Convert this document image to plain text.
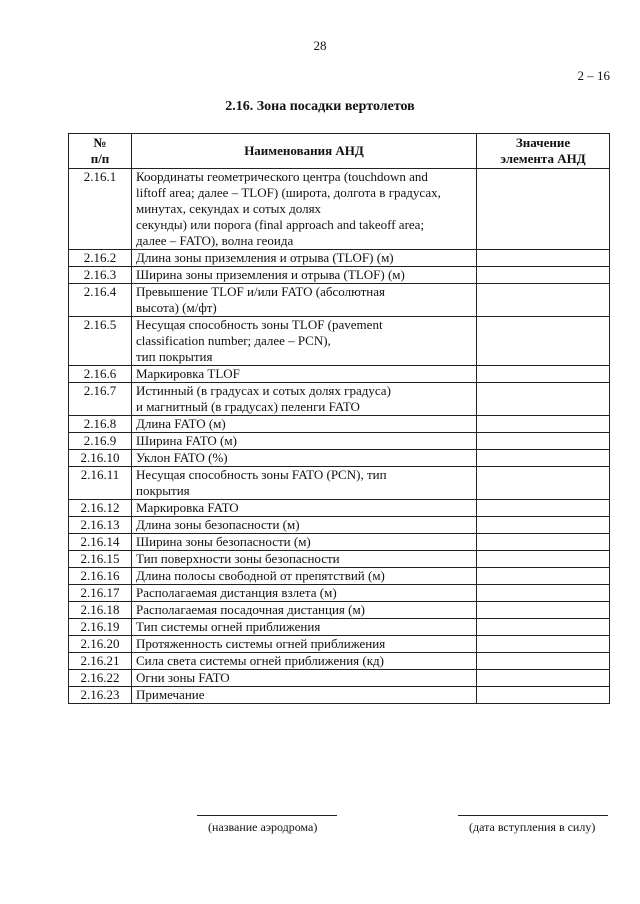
28
2 – 16
2.16. Зона посадки вертолетов
№
п/п	Наименования АНД	Значение
элемента АНД
2.16.1	Координаты геометрического центра (touchdown and
liftoff area; далее – TLOF) (широта, долгота в градусах,
минутах, секундах и сотых долях
секунды) или порога (final approach and takeoff area;
далее – FATO), волна геоида	
2.16.2	Длина зоны приземления и отрыва (TLOF) (м)	
2.16.3	Ширина зоны приземления и отрыва (TLOF) (м)	
2.16.4	Превышение TLOF и/или FATO (абсолютная
высота) (м/фт)	
2.16.5	Несущая способность зоны TLOF (pavement
classification number; далее – PCN),
тип покрытия	
2.16.6	Маркировка TLOF	
2.16.7	Истинный (в градусах и сотых долях градуса)
и магнитный (в градусах) пеленги FATO	
2.16.8	Длина FATO (м)	
2.16.9	Ширина FATO (м)	
2.16.10	Уклон FATO (%)	
2.16.11	Несущая способность зоны FATO (PCN), тип
покрытия	
2.16.12	Маркировка FATO	
2.16.13	Длина зоны безопасности (м)	
2.16.14	Ширина зоны безопасности (м)	
2.16.15	Тип поверхности зоны безопасности	
2.16.16	Длина полосы свободной от препятствий (м)	
2.16.17	Располагаемая дистанция взлета (м)	
2.16.18	Располагаемая посадочная дистанция (м)	
2.16.19	Тип системы огней приближения	
2.16.20	Протяженность системы огней приближения	
2.16.21	Сила света системы огней приближения (кд)	
2.16.22	Огни зоны FATO	
2.16.23	Примечание	
(название аэродрома)	(дата вступления в силу)
